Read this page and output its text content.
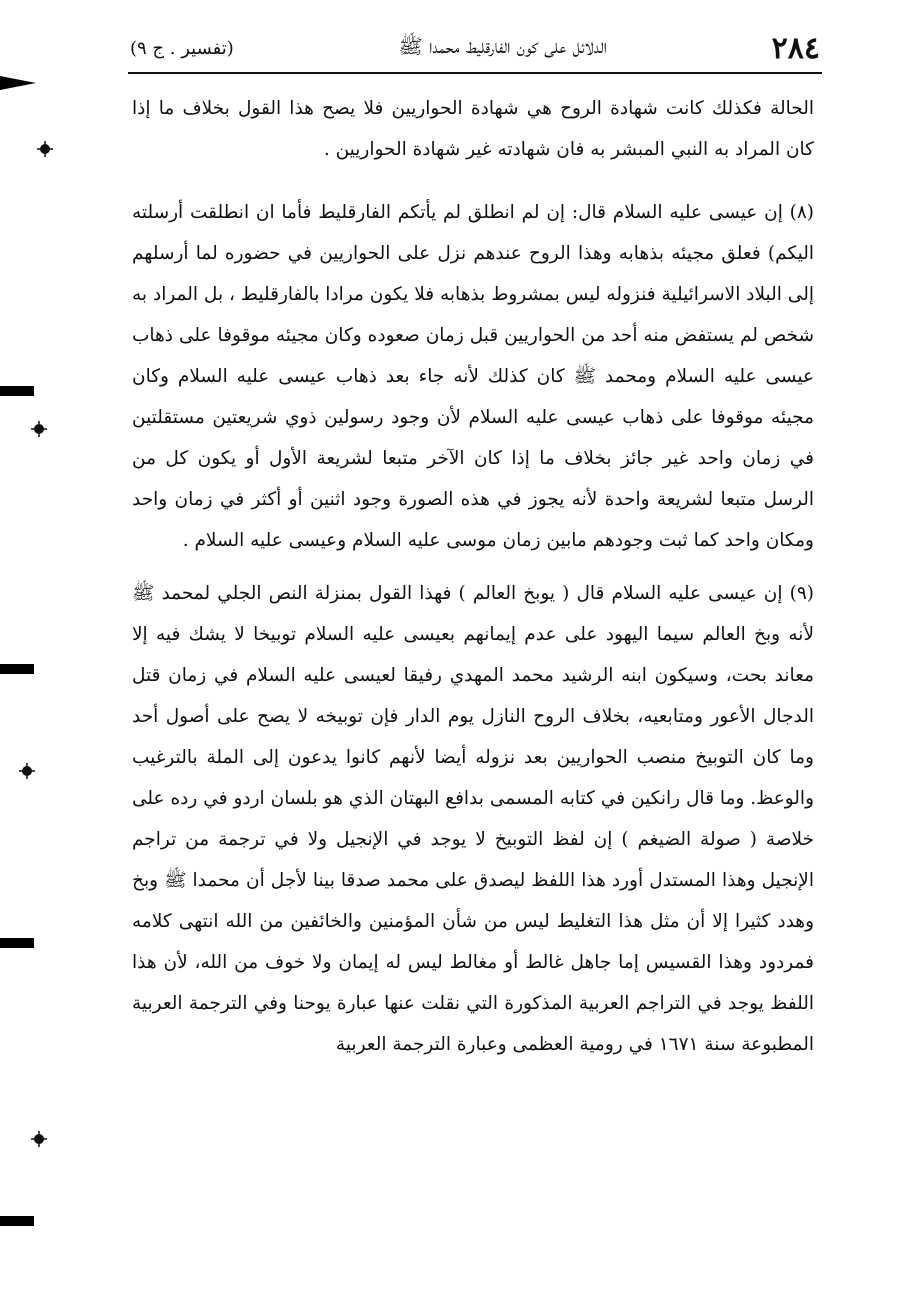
٢٨٤
الدلائل على كون الفارقليط محمدا ﷺ
(تفسير . ج ٩)

الحالة فكذلك كانت شهادة الروح هي شهادة الحواريين فلا يصح هذا القول بخلاف ما إذا كان المراد به النبي المبشر به فان شهادته غير شهادة الحواريين .

(٨) إن عيسى عليه السلام قال: إن لم انطلق لم يأتكم الفارقليط فأما ان انطلقت أرسلته اليكم) فعلق مجيئه بذهابه وهذا الروح عندهم نزل على الحواريين في حضوره لما أرسلهم إلى البلاد الاسرائيلية فنزوله ليس بمشروط بذهابه فلا يكون مرادا بالفارقليط ، بل المراد به شخص لم يستفض منه أحد من الحواريين قبل زمان صعوده وكان مجيئه موقوفا على ذهاب عيسى عليه السلام ومحمد ﷺ كان كذلك لأنه جاء بعد ذهاب عيسى عليه السلام وكان مجيئه موقوفا على ذهاب عيسى عليه السلام لأن وجود رسولين ذوي شريعتين مستقلتين في زمان واحد غير جائز بخلاف ما إذا كان الآخر متبعا لشريعة الأول أو يكون كل من الرسل متبعا لشريعة واحدة لأنه يجوز في هذه الصورة وجود اثنين أو أكثر في زمان واحد ومكان واحد كما ثبت وجودهم مابين زمان موسى عليه السلام وعيسى عليه السلام .

(٩) إن عيسى عليه السلام قال ( يوبخ العالم ) فهذا القول بمنزلة النص الجلي لمحمد ﷺ لأنه وبخ العالم سيما اليهود على عدم إيمانهم بعيسى عليه السلام توبيخا لا يشك فيه إلا معاند بحت، وسيكون ابنه الرشيد محمد المهدي رفيقا لعيسى عليه السلام في زمان قتل الدجال الأعور ومتابعيه، بخلاف الروح النازل يوم الدار فإن توبيخه لا يصح على أصول أحد وما كان التوبيخ منصب الحواريين بعد نزوله أيضا لأنهم كانوا يدعون إلى الملة بالترغيب والوعظ. وما قال رانكين في كتابه المسمى بدافع البهتان الذي هو بلسان اردو في رده على خلاصة ( صولة الضيغم ) إن لفظ التوبيخ لا يوجد في الإنجيل ولا في ترجمة من تراجم الإنجيل وهذا المستدل أورد هذا اللفظ ليصدق على محمد صدقا بينا لأجل أن محمدا ﷺ وبخ وهدد كثيرا إلا أن مثل هذا التغليط ليس من شأن المؤمنين والخائفين من الله انتهى كلامه فمردود وهذا القسيس إما جاهل غالط أو مغالط ليس له إيمان ولا خوف من الله، لأن هذا اللفظ يوجد في التراجم العربية المذكورة التي نقلت عنها عبارة يوحنا وفي الترجمة العربية المطبوعة سنة ١٦٧١ في رومية العظمى وعبارة الترجمة العربية
